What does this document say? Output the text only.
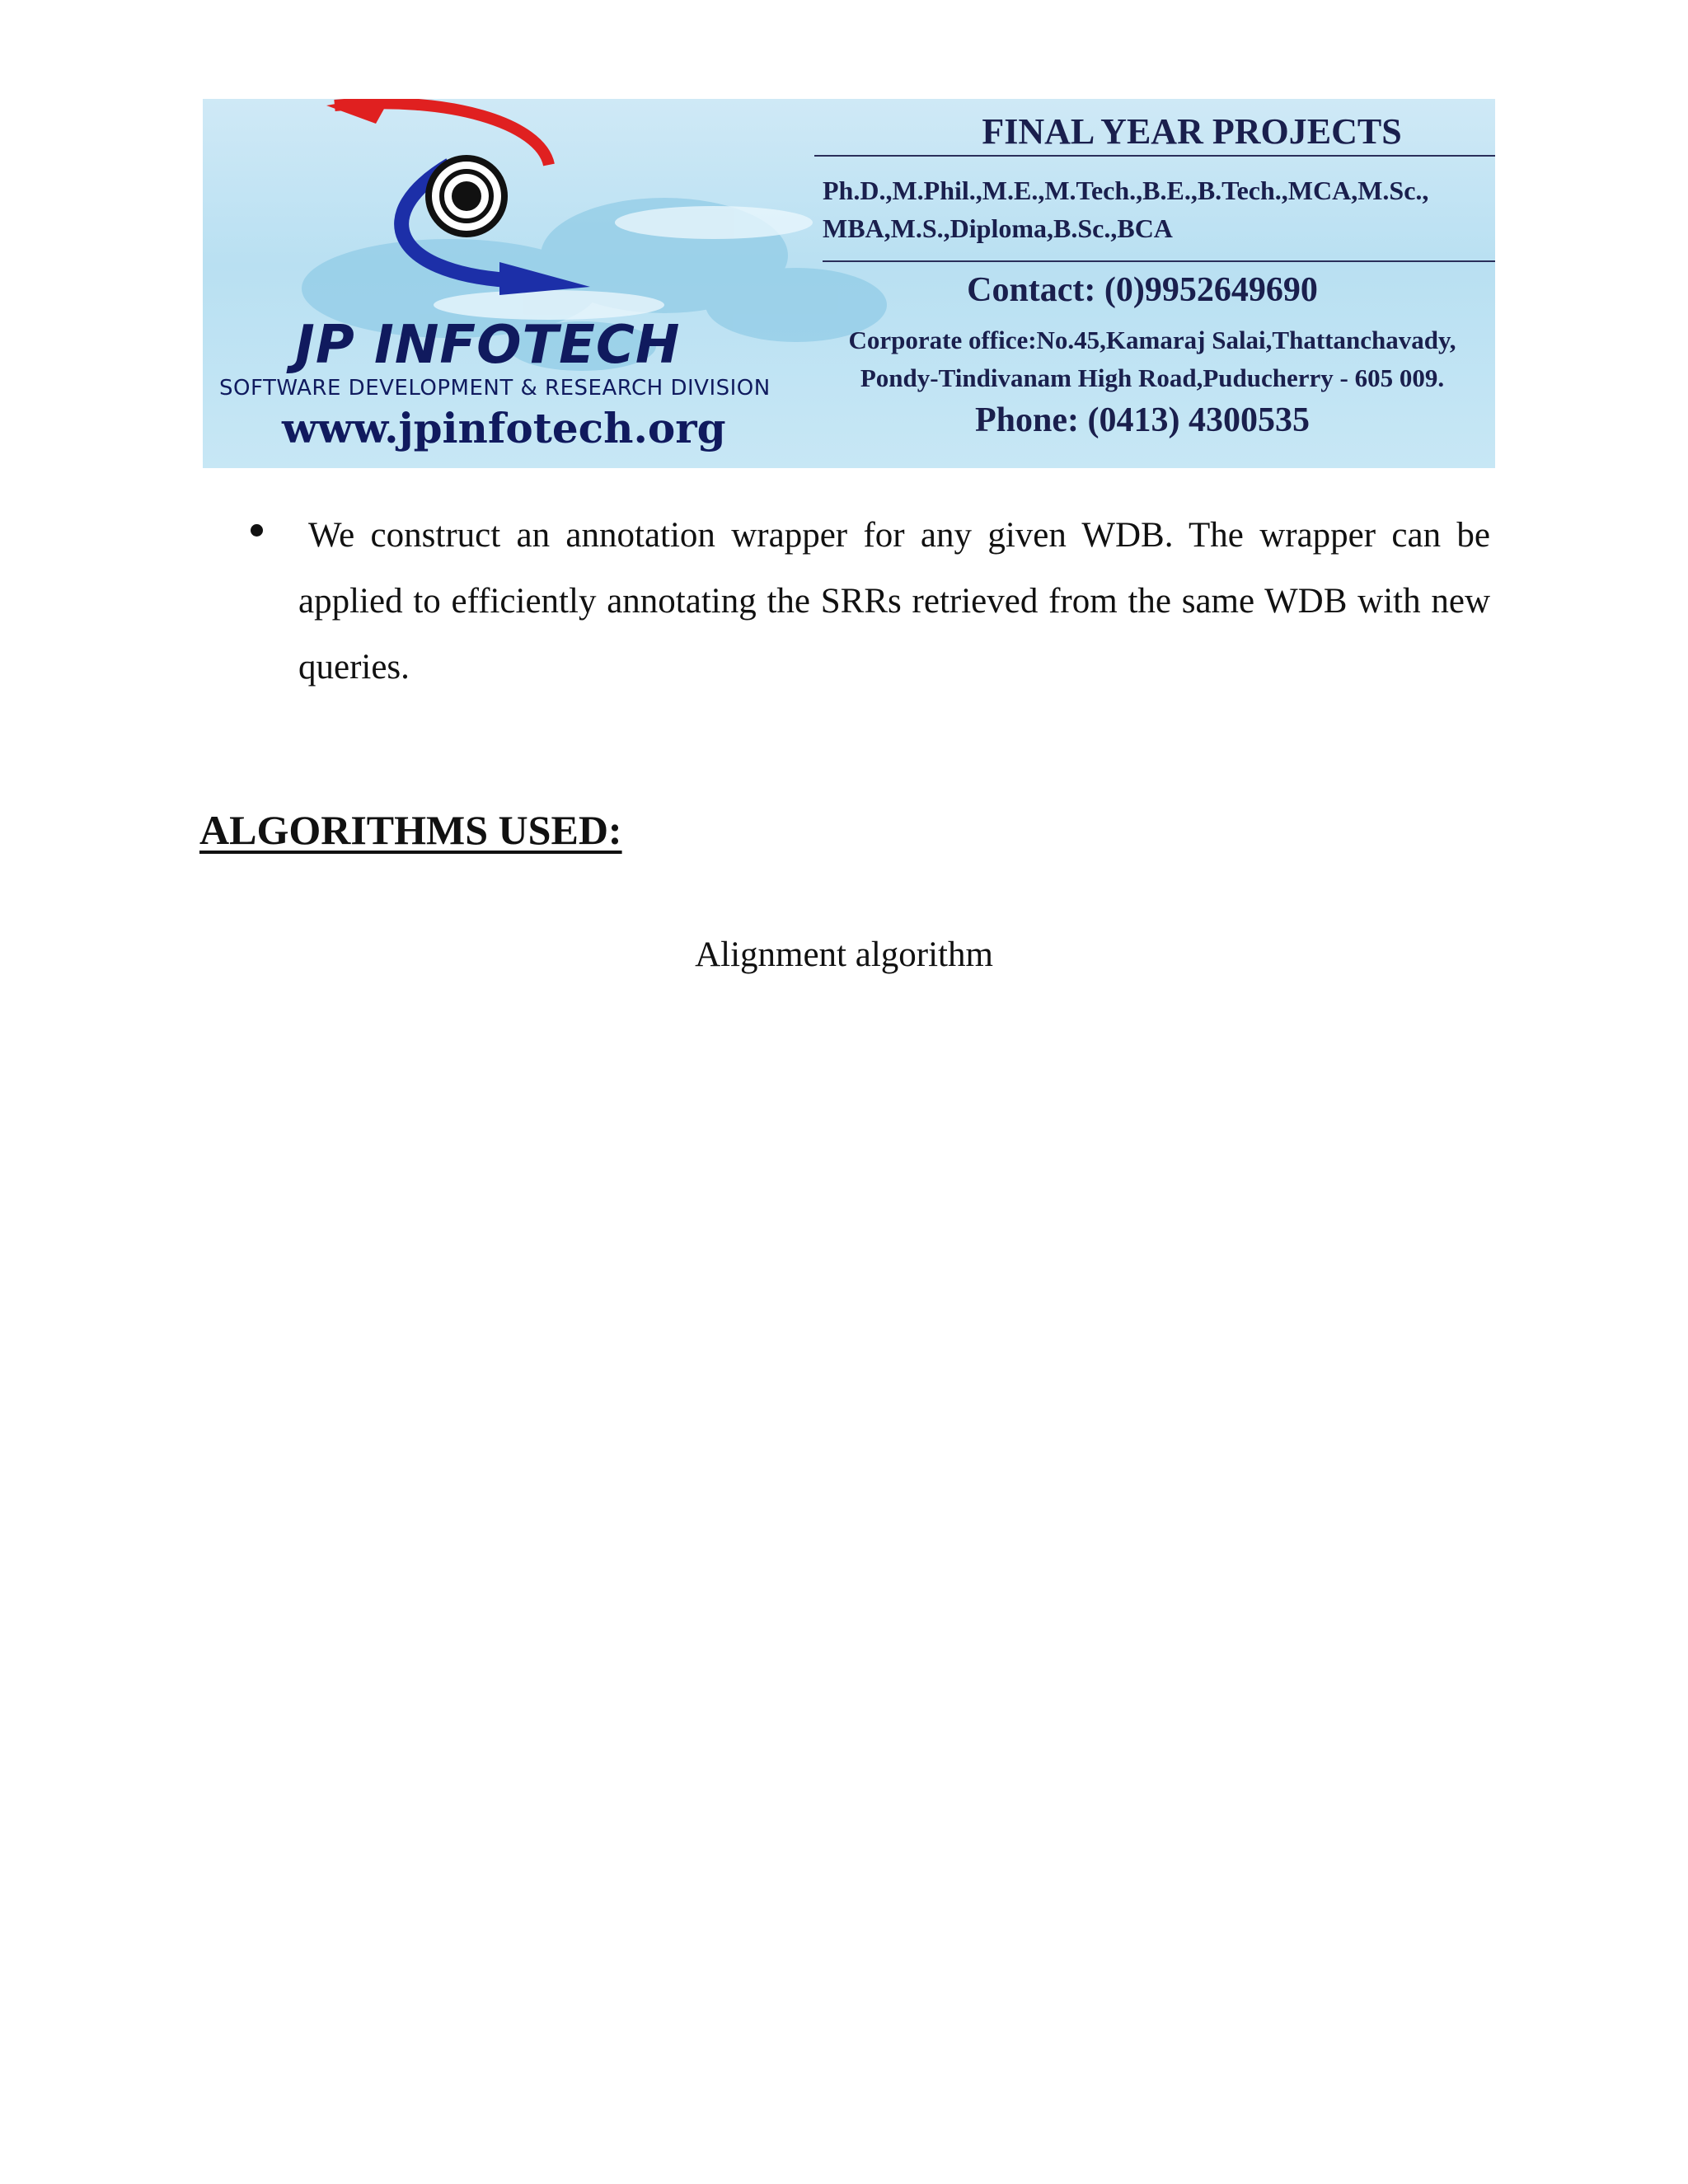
JP INFOTECH
SOFTWARE DEVELOPMENT & RESEARCH DIVISION
www.jpinfotech.org
FINAL YEAR PROJECTS
Ph.D.,M.Phil.,M.E.,M.Tech.,B.E.,B.Tech.,MCA,M.Sc.,
MBA,M.S.,Diploma,B.Sc.,BCA
Contact: (0)9952649690
Corporate office:No.45,Kamaraj Salai,Thattanchavady,
Pondy-Tindivanam High Road,Puducherry - 605 009.
Phone: (0413) 4300535
We construct an annotation wrapper for any given WDB. The wrapper can be applied to efficiently annotating the SRRs retrieved from the same WDB with new queries.
ALGORITHMS USED:
Alignment algorithm
